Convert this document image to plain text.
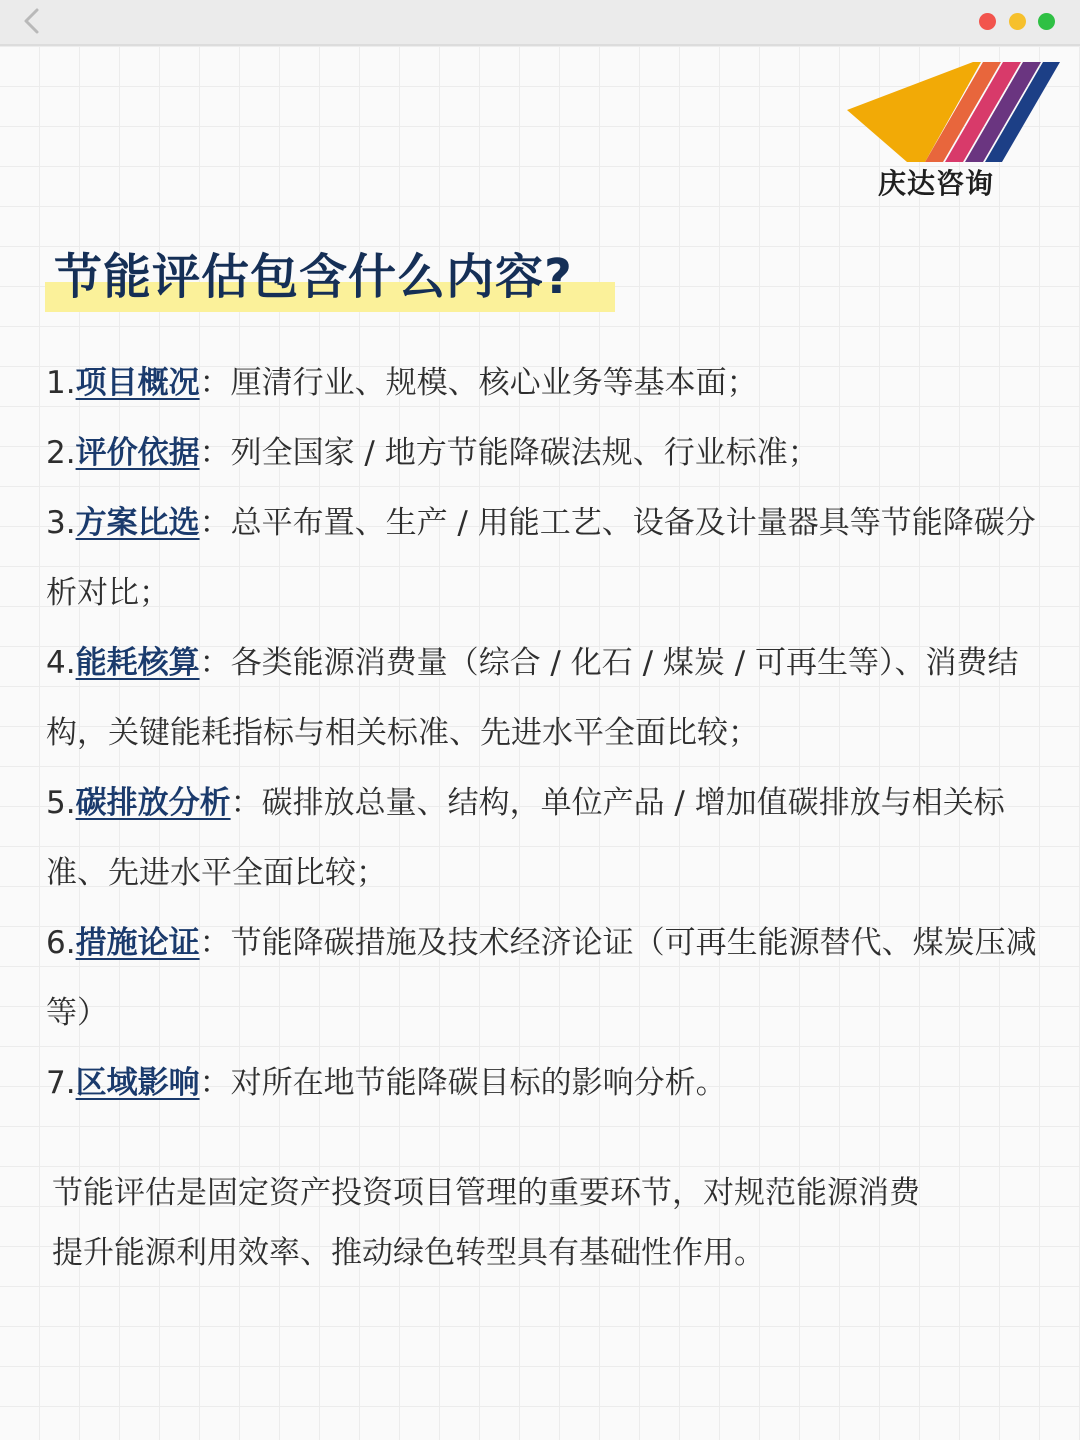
庆达咨询
节能评估包含什么内容?

1.项目概况：厘清行业、规模、核心业务等基本面；

2.评价依据：列全国家 / 地方节能降碳法规、行业标准；

3.方案比选：总平布置、生产 / 用能工艺、设备及计量器具等节能降碳分析对比；

4.能耗核算：各类能源消费量（综合 / 化石 / 煤炭 / 可再生等）、消费结构，关键能耗指标与相关标准、先进水平全面比较；

5.碳排放分析：碳排放总量、结构，单位产品 / 增加值碳排放与相关标准、先进水平全面比较；

6.措施论证：节能降碳措施及技术经济论证（可再生能源替代、煤炭压减等）

7.区域影响：对所在地节能降碳目标的影响分析。

节能评估是固定资产投资项目管理的重要环节，对规范能源消费

提升能源利用效率、推动绿色转型具有基础性作用。
